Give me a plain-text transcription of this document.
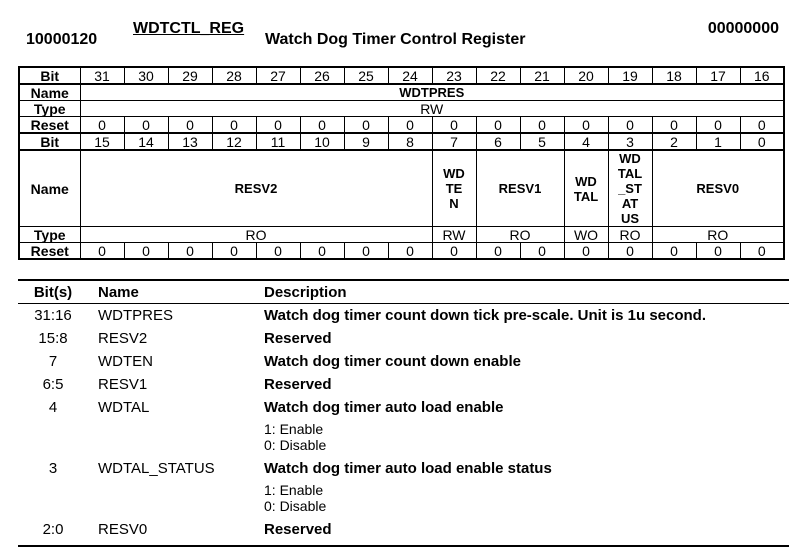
10000120
WDTCTL_REG
Watch Dog Timer Control Register
00000000
Bit	31	30	29	28	27	26	25	24	23	22	21	20	19	18	17	16
Name	WDTPRES															
Type	RW															
Reset	0	0	0	0	0	0	0	0	0	0	0	0	0	0	0	0
Bit	15	14	13	12	11	10	9	8	7	6	5	4	3	2	1	0
Name	RESV2								WD TE N	RESV1		WD TAL	WD TAL _ST AT US	RESV0		
Type	RO								RW	RO		WO	RO	RO		
Reset	0	0	0	0	0	0	0	0	0	0	0	0	0	0	0	0
Bit(s)	Name	Description
31:16	WDTPRES	Watch dog timer count down tick pre-scale. Unit is 1u second.
15:8	RESV2	Reserved
7	WDTEN	Watch dog timer count down enable
6:5	RESV1	Reserved
4	WDTAL	Watch dog timer auto load enable
1: Enable
0: Disable

3	WDTAL_STATUS	Watch dog timer auto load enable status
1: Enable
0: Disable

2:0	RESV0	Reserved
